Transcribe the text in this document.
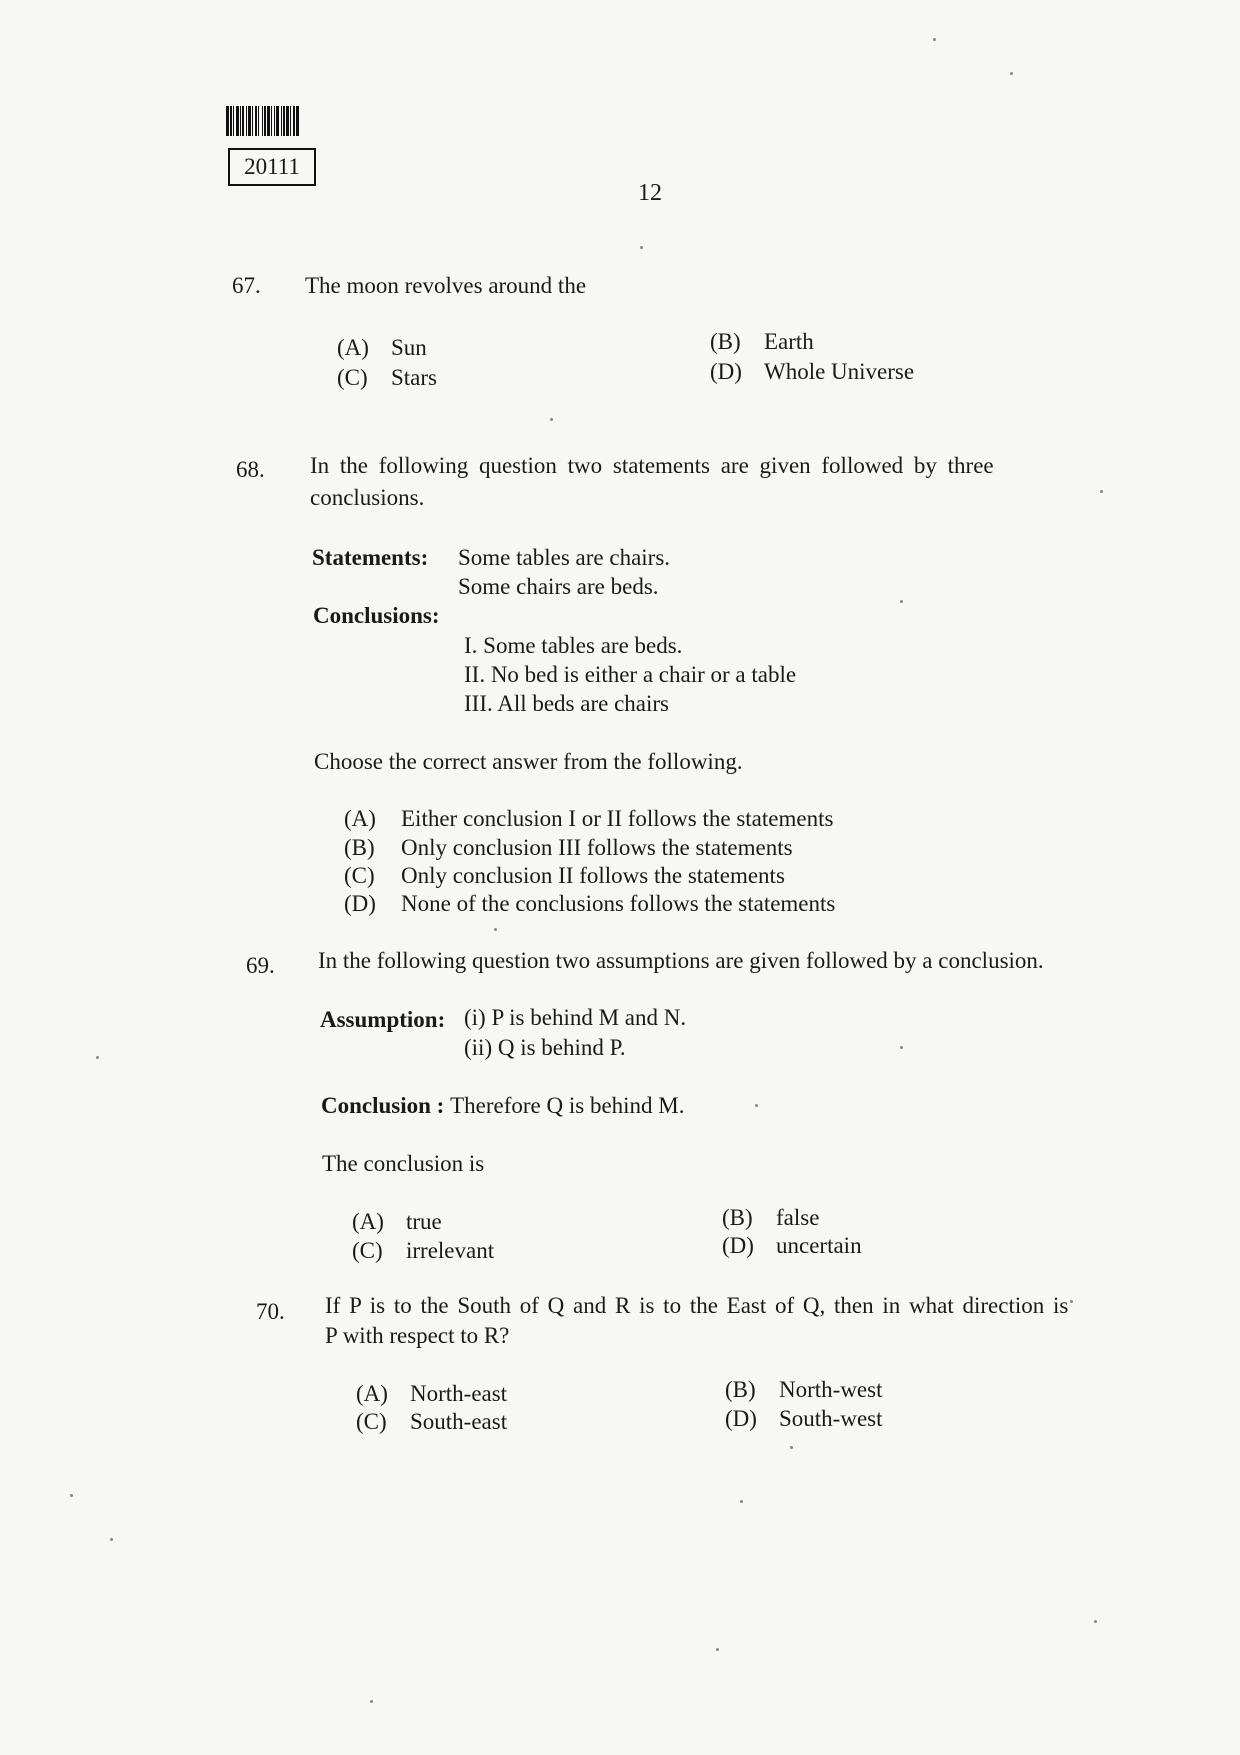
20111
12
67. The moon revolves around the
(A) Sun	(B) Earth
(C) Stars	(D) Whole Universe
68. In the following question two statements are given followed by three
conclusions.
Statements: Some tables are chairs.
Some chairs are beds.
Conclusions:
I. Some tables are beds.
II. No bed is either a chair or a table
III. All beds are chairs
Choose the correct answer from the following.
(A) Either conclusion I or II follows the statements
(B) Only conclusion III follows the statements
(C) Only conclusion II follows the statements
(D) None of the conclusions follows the statements
69. In the following question two assumptions are given followed by a conclusion.
Assumption: (i) P is behind M and N.
(ii) Q is behind P.
Conclusion : Therefore Q is behind M.
The conclusion is
(A) true	(B) false
(C) irrelevant	(D) uncertain
70. If P is to the South of Q and R is to the East of Q, then in what direction is
P with respect to R?
(A) North-east	(B) North-west
(C) South-east	(D) South-west
